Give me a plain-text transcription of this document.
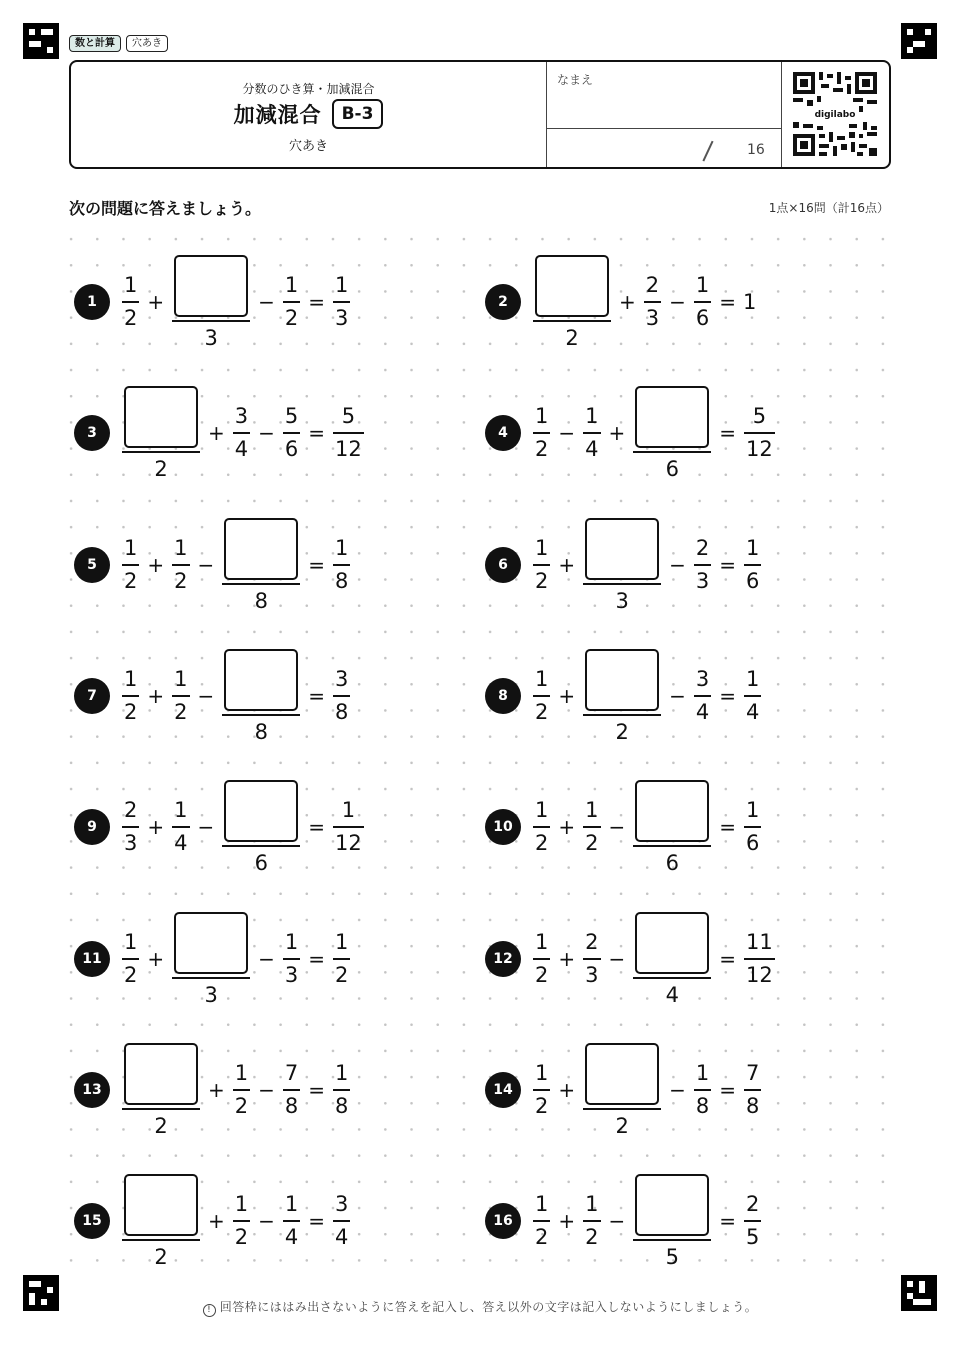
数と計算	穴あき
分数のひき算・加減混合
加減混合	B-3
穴あき
なまえ
16
digilabo
次の問題に答えましょう。	1点×16問（計16点）
1	$\frac{1}{2}$ +
3
− $\frac{1}{2} = \frac{1}{3}$	2
2
+ $\frac{2}{3} - \frac{1}{6} = 1$
3
2
+ $\frac{3}{4} - \frac{5}{6} = \frac{5}{12}$	4	$\frac{1}{2} - \frac{1}{4}$ +
6
= $\frac{5}{12}$
5	$\frac{1}{2} + \frac{1}{2}$ −
8
= $\frac{1}{8}$	6	$\frac{1}{2}$ +
3
− $\frac{2}{3} = \frac{1}{6}$
7	$\frac{1}{2} + \frac{1}{2}$ −
8
= $\frac{3}{8}$	8	$\frac{1}{2}$ +
2
− $\frac{3}{4} = \frac{1}{4}$
9	$\frac{2}{3} + \frac{1}{4}$ −
6
= $\frac{1}{12}$	$10 \frac{1}{2} + \frac{1}{2}$ −
6
= $\frac{1}{6}$
$11 \frac{1}{2}$ +
3
− $\frac{1}{3} = \frac{1}{2}$	$12 \frac{1}{2} + \frac{2}{3}$ −
4
= $\frac{11}{12}$
13
2
+ $\frac{1}{2} - \frac{7}{8} = \frac{1}{8}$	$14 \frac{1}{2}$ +
2
− $\frac{1}{8} = \frac{7}{8}$
15
2
+ $\frac{1}{2} - \frac{1}{4} = \frac{3}{4}$	$16 \frac{1}{2} + \frac{1}{2}$ −
5
= $\frac{2}{5}$
! 回答枠にははみ出さないように答えを記入し、答え以外の文字は記入しないようにしましょう。
